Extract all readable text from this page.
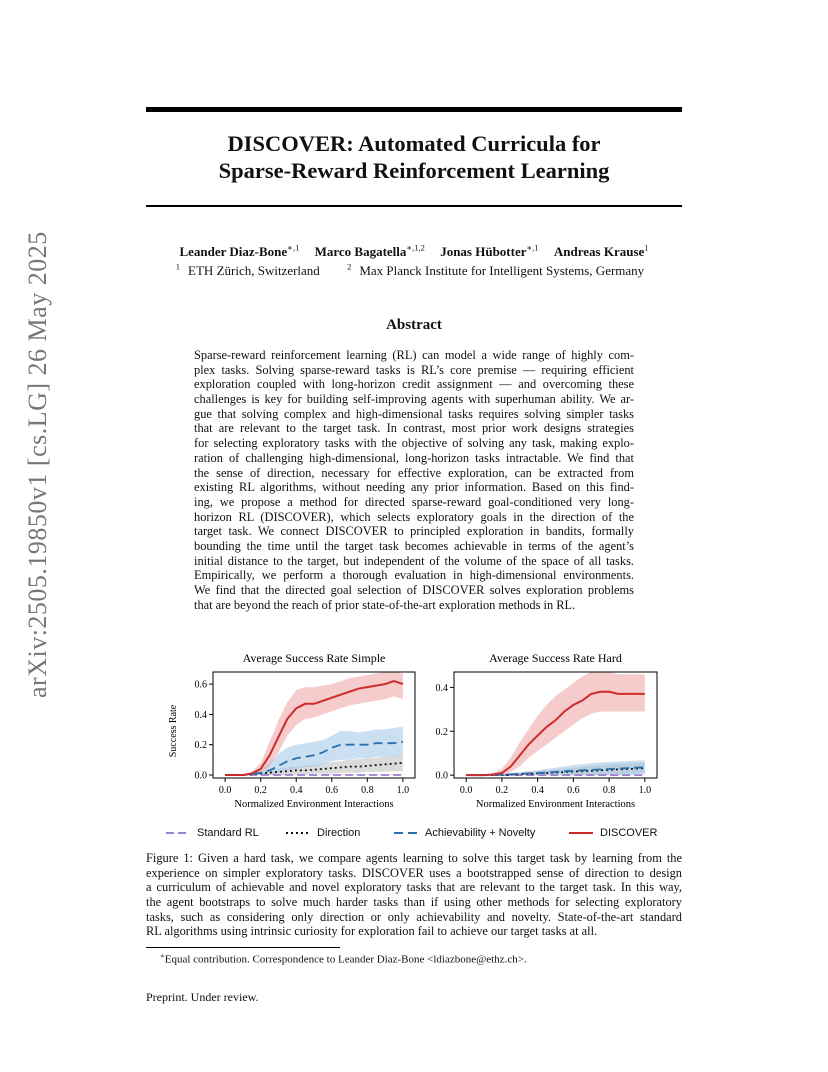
arXiv:2505.19850v1 [cs.LG] 26 May 2025
DISCOVER: Automated Curricula for
Sparse-Reward Reinforcement Learning
Leander Diaz-Bone$^{∗,1}$ Marco Bagatella$^{∗,1,2}$ Jonas Hübotter$^{∗,1}$ Andreas Krause$^1$
$^1$ ETH Zürich, Switzerland	$^2$ Max Planck Institute for Intelligent Systems, Germany
Abstract
Sparse-reward reinforcement learning (RL) can model a wide range of highly com-
plex tasks. Solving sparse-reward tasks is RL’s core premise — requiring efficient
exploration coupled with long-horizon credit assignment — and overcoming these
challenges is key for building self-improving agents with superhuman ability. We ar-
gue that solving complex and high-dimensional tasks requires solving simpler tasks
that are relevant to the target task. In contrast, most prior work designs strategies
for selecting exploratory tasks with the objective of solving any task, making explo-
ration of challenging high-dimensional, long-horizon tasks intractable. We find that
the sense of direction, necessary for effective exploration, can be extracted from
existing RL algorithms, without needing any prior information. Based on this find-
ing, we propose a method for directed sparse-reward goal-conditioned very long-
horizon RL (DISCOVER), which selects exploratory goals in the direction of the
target task. We connect DISCOVER to principled exploration in bandits, formally
bounding the time until the target task becomes achievable in terms of the agent’s
initial distance to the target, but independent of the volume of the space of all tasks.
Empirically, we perform a thorough evaluation in high-dimensional environments.
We find that the directed goal selection of DISCOVER solves exploration problems
that are beyond the reach of prior state-of-the-art exploration methods in RL.
Average Success Rate Simple
0.0
0.2
0.4
0.6
0.0 0.2 0.4 0.6 0.8 1.0
Normalized Environment Interactions
Success Rate
Average Success Rate Hard
0.0
0.2
0.4
0.0 0.2 0.4 0.6 0.8 1.0
Normalized Environment Interactions
Standard RL	Direction	Achievability + Novelty	DISCOVER
Figure 1: Given a hard task, we compare agents learning to solve this target task by learning from the
experience on simpler exploratory tasks. DISCOVER uses a bootstrapped sense of direction to design
a curriculum of achievable and novel exploratory tasks that are relevant to the target task. In this way,
the agent bootstraps to solve much harder tasks than if using other methods for selecting exploratory
tasks, such as considering only direction or only achievability and novelty. State-of-the-art standard
RL algorithms using intrinsic curiosity for exploration fail to achieve our target tasks at all.
∗Equal contribution. Correspondence to Leander Diaz-Bone <ldiazbone@ethz.ch>.
Preprint. Under review.
